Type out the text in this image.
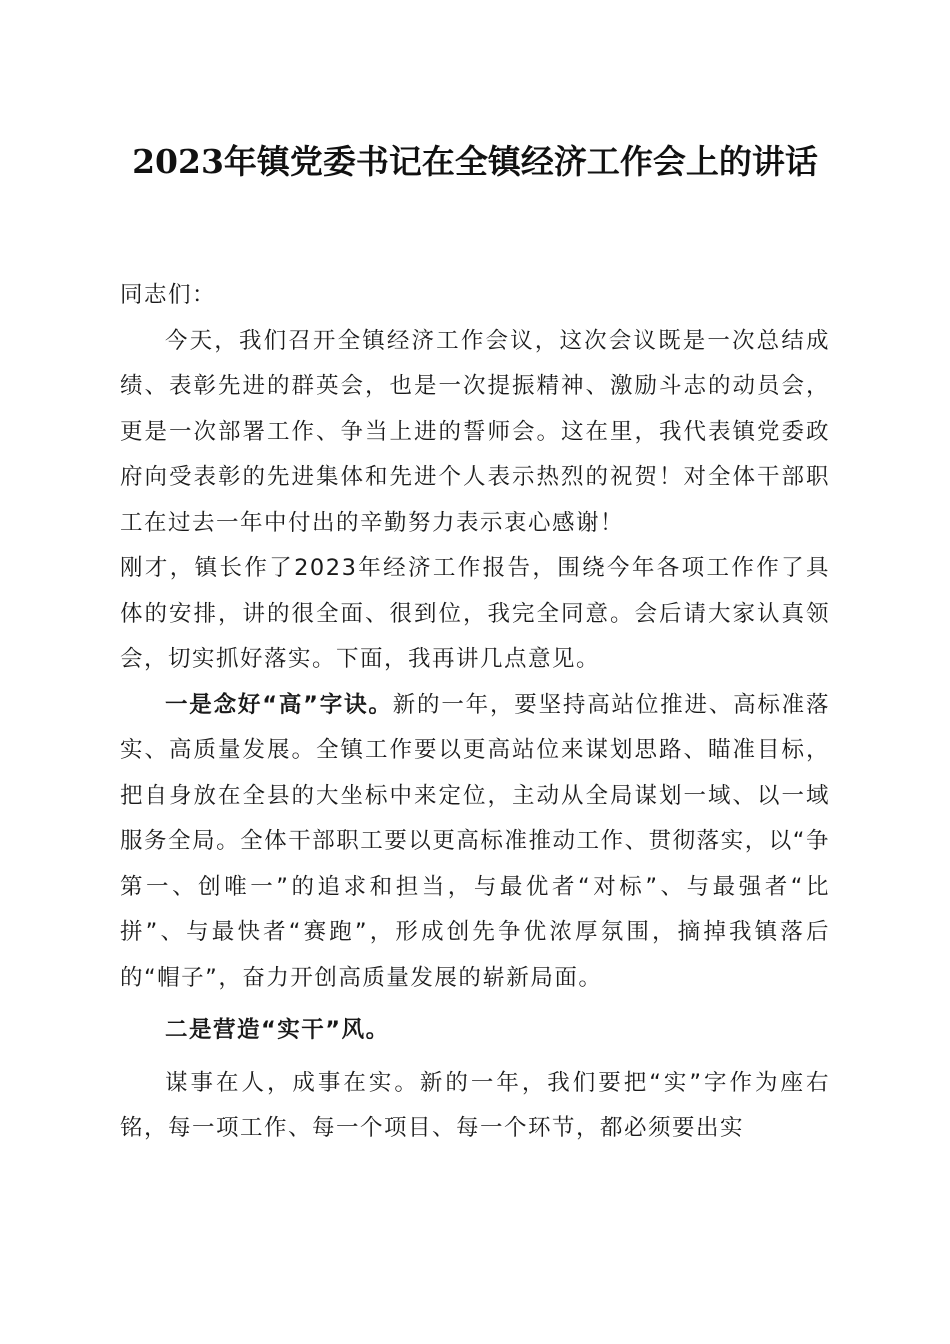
2023年镇党委书记在全镇经济工作会上的讲话

同志们：

今天，我们召开全镇经济工作会议，这次会议既是一次总结成绩、表彰先进的群英会，也是一次提振精神、激励斗志的动员会，更是一次部署工作、争当上进的誓师会。这在里，我代表镇党委政府向受表彰的先进集体和先进个人表示热烈的祝贺！对全体干部职工在过去一年中付出的辛勤努力表示衷心感谢！

刚才，镇长作了2023年经济工作报告，围绕今年各项工作作了具体的安排，讲的很全面、很到位，我完全同意。会后请大家认真领会，切实抓好落实。下面，我再讲几点意见。

一是念好“高”字诀。新的一年，要坚持高站位推进、高标准落实、高质量发展。全镇工作要以更高站位来谋划思路、瞄准目标，把自身放在全县的大坐标中来定位，主动从全局谋划一域、以一域服务全局。全体干部职工要以更高标准推动工作、贯彻落实，以“争第一、创唯一”的追求和担当，与最优者“对标”、与最强者“比拼”、与最快者“赛跑”，形成创先争优浓厚氛围，摘掉我镇落后的“帽子”，奋力开创高质量发展的崭新局面。

二是营造“实干”风。

谋事在人，成事在实。新的一年，我们要把“实”字作为座右铭，每一项工作、每一个项目、每一个环节，都必须要出实
